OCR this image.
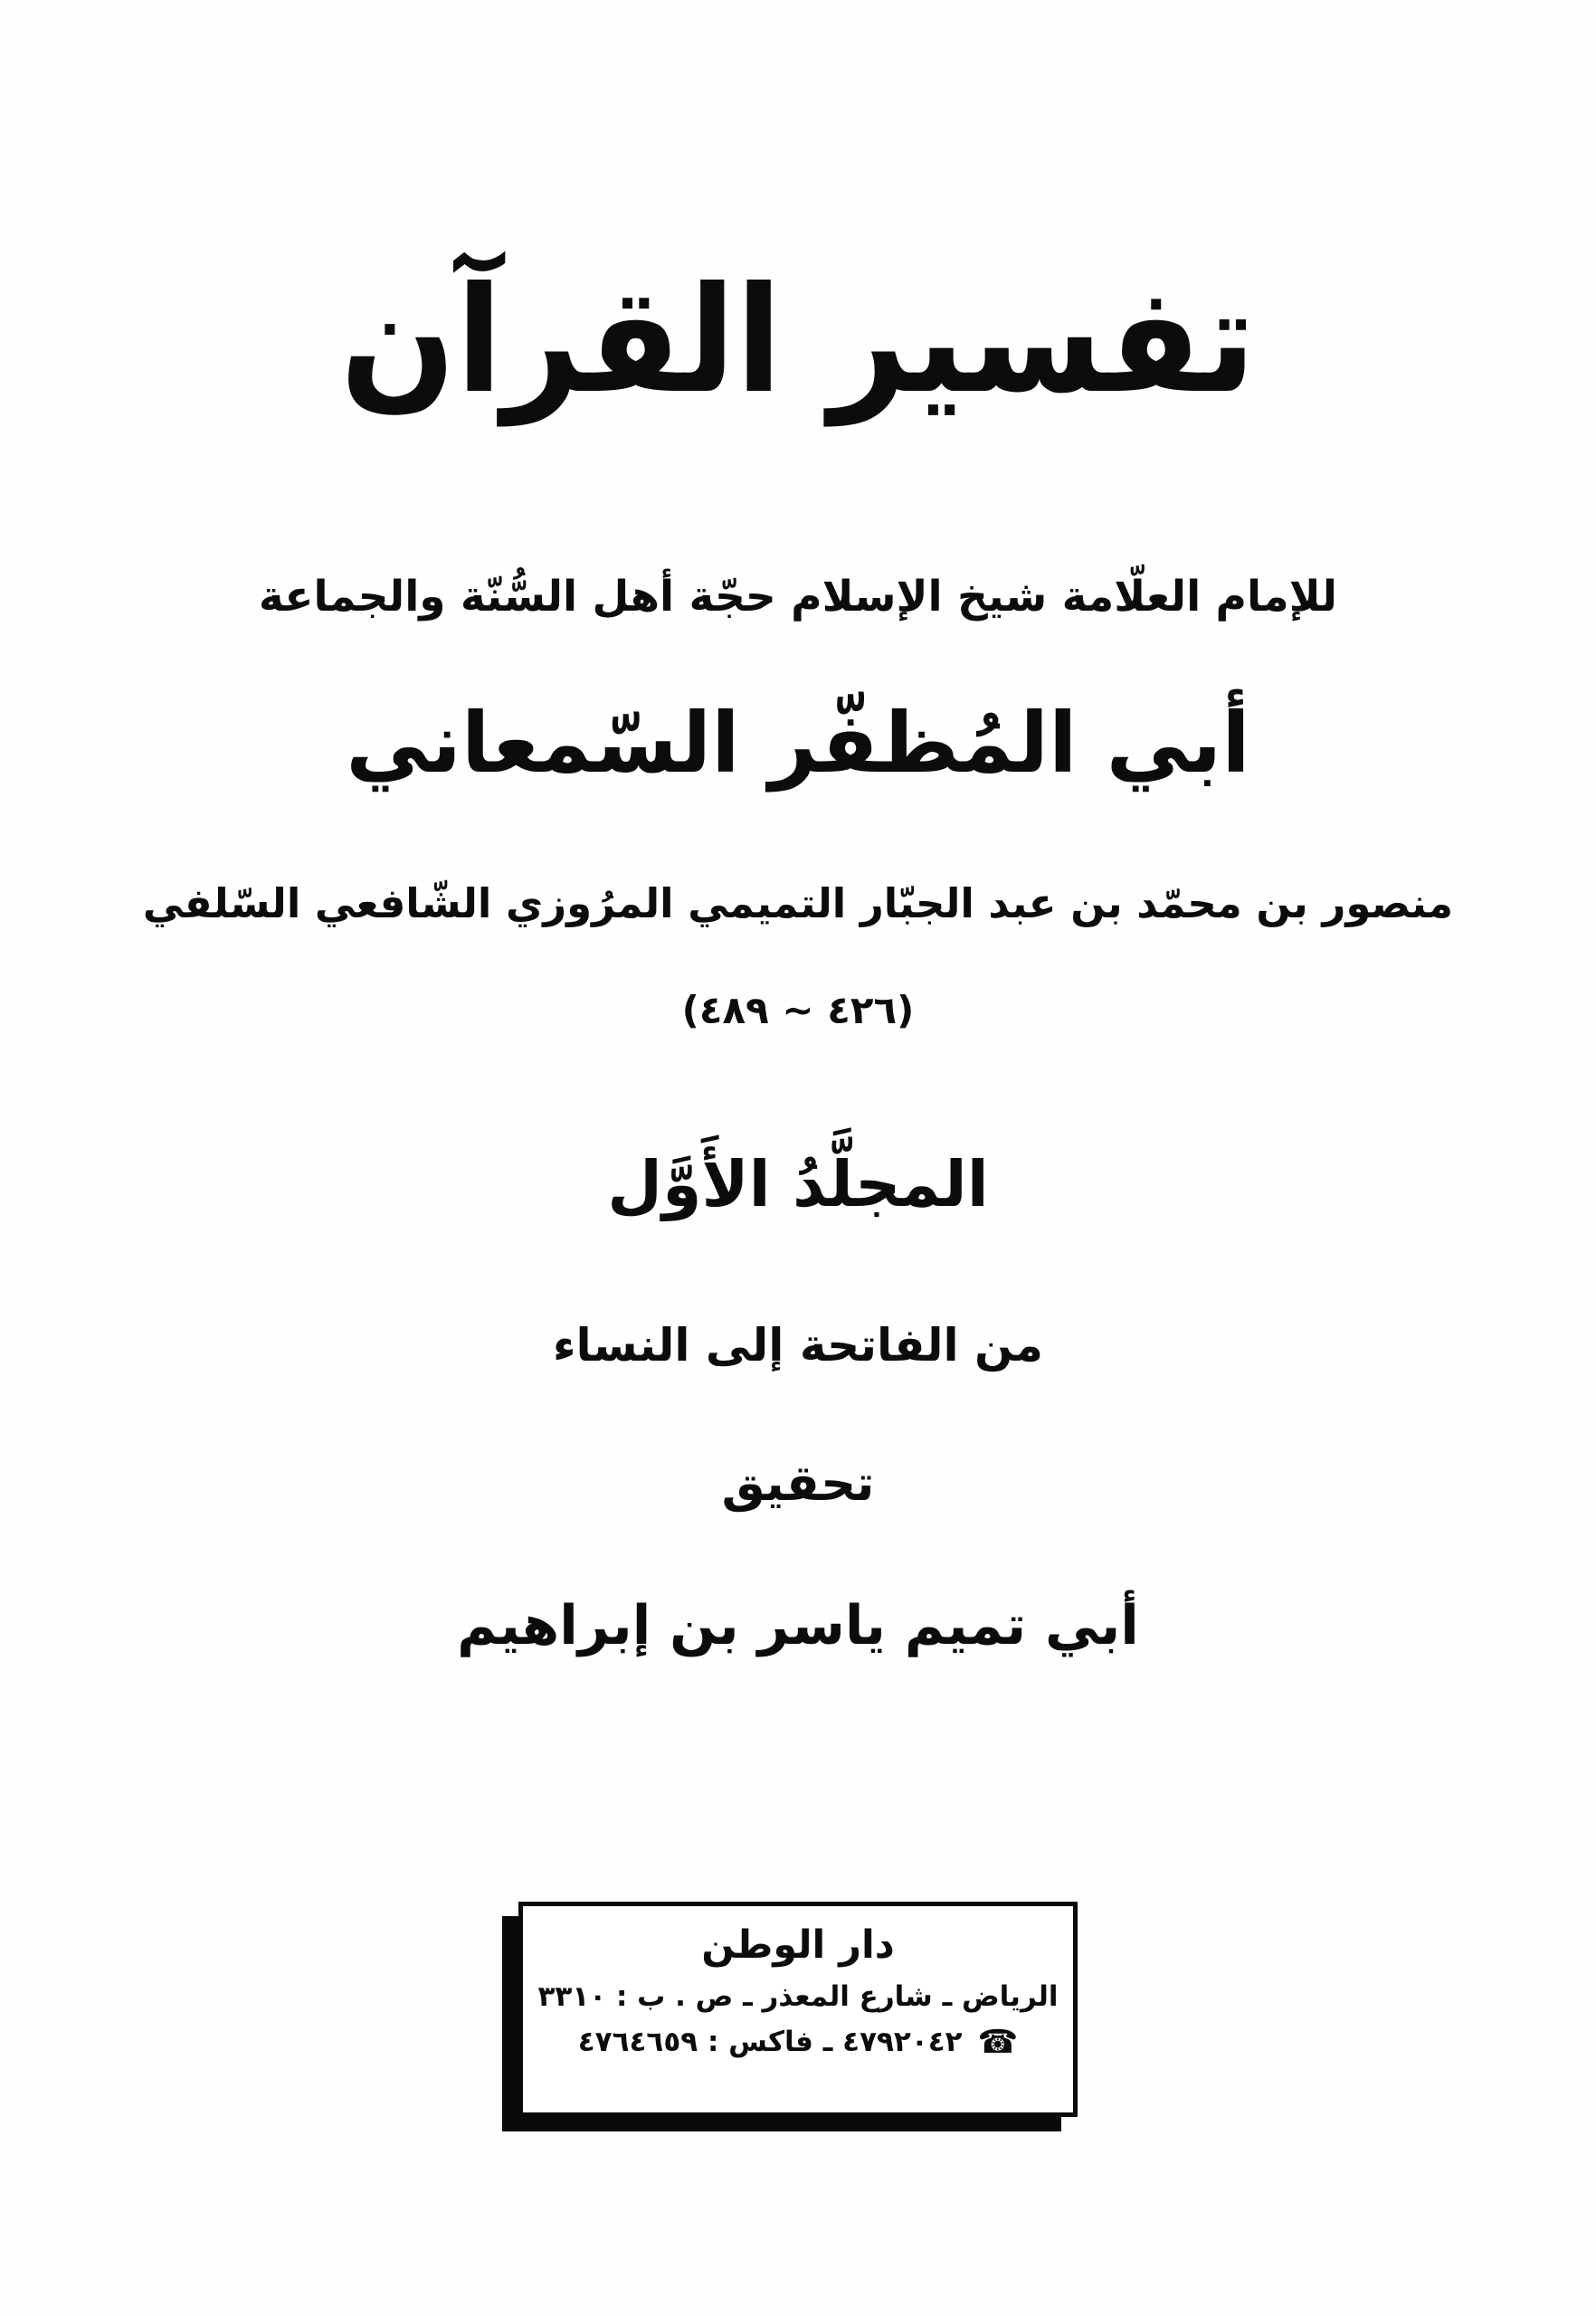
تفسير القرآن
للإمام العلّامة شيخ الإسلام حجّة أهل السُّنّة والجماعة
أبي المُظفّر السّمعاني
منصور بن محمّد بن عبد الجبّار التميمي المرُوزي الشّافعي السّلفي
(٤٢٦ ~ ٤٨٩)
المجلَّدُ الأَوَّل
من الفاتحة إلى النساء
تحقيق
أبي تميم ياسر بن إبراهيم
دار الوطن
الرياض ـ شارع المعذر ـ ص . ب : ٣٣١٠
☎ ٤٧٩٢٠٤٢ ـ فاكس : ٤٧٦٤٦٥٩
